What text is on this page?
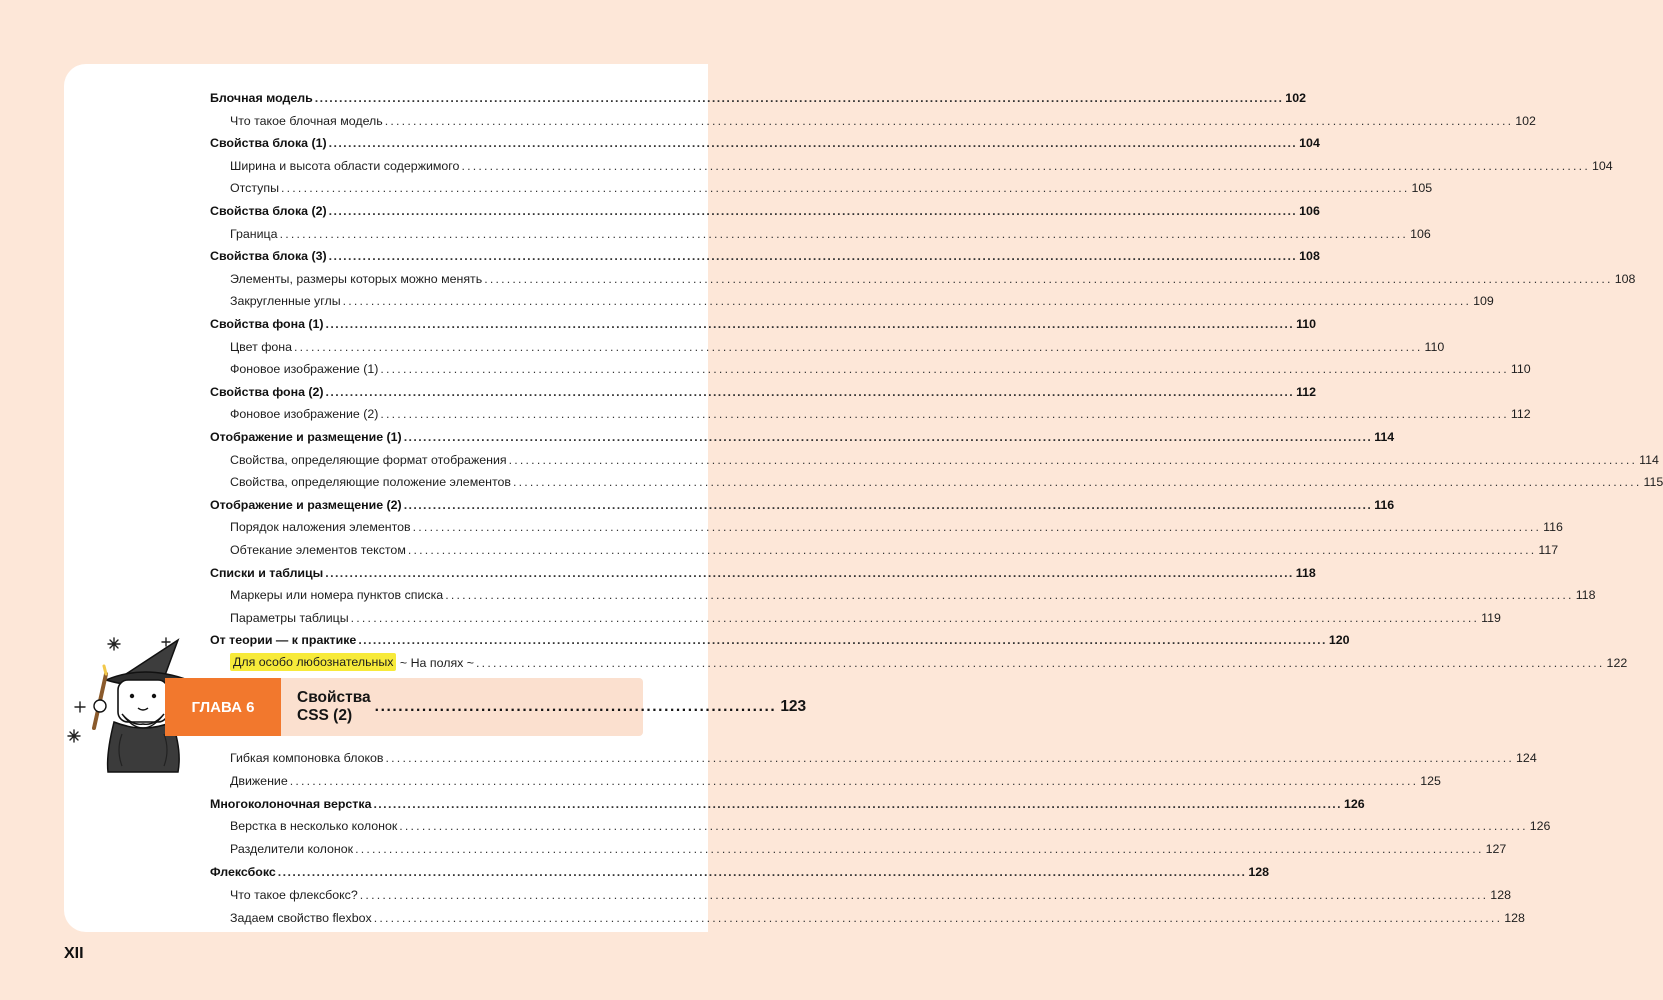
Блочная модель ........................................................................................................................................................................................................ 102
Что такое блочная модель ........................................................................................................................................................................................................ 102
Свойства блока (1) ........................................................................................................................................................................................................ 104
Ширина и высота области содержимого ........................................................................................................................................................................................................ 104
Отступы ........................................................................................................................................................................................................ 105
Свойства блока (2) ........................................................................................................................................................................................................ 106
Граница ........................................................................................................................................................................................................ 106
Свойства блока (3) ........................................................................................................................................................................................................ 108
Элементы, размеры которых можно менять ........................................................................................................................................................................................................ 108
Закругленные углы ........................................................................................................................................................................................................ 109
Свойства фона (1) ........................................................................................................................................................................................................ 110
Цвет фона ........................................................................................................................................................................................................ 110
Фоновое изображение (1) ........................................................................................................................................................................................................ 110
Свойства фона (2) ........................................................................................................................................................................................................ 112
Фоновое изображение (2) ........................................................................................................................................................................................................ 112
Отображение и размещение (1) ........................................................................................................................................................................................................ 114
Свойства, определяющие формат отображения ........................................................................................................................................................................................................ 114
Свойства, определяющие положение элементов ........................................................................................................................................................................................................ 115
Отображение и размещение (2) ........................................................................................................................................................................................................ 116
Порядок наложения элементов ........................................................................................................................................................................................................ 116
Обтекание элементов текстом ........................................................................................................................................................................................................ 117
Списки и таблицы ........................................................................................................................................................................................................ 118
Маркеры или номера пунктов списка ........................................................................................................................................................................................................ 118
Параметры таблицы ........................................................................................................................................................................................................ 119
От теории — к практике ........................................................................................................................................................................................................ 120
Для особо любознательных ~ На полях ~ ........................................................................................................................................................................................................ 122
Гибкая компоновка блоков ........................................................................................................................................................................................................ 124
Движение ........................................................................................................................................................................................................ 125
Многоколоночная верстка ........................................................................................................................................................................................................ 126
Верстка в несколько колонок ........................................................................................................................................................................................................ 126
Разделители колонок ........................................................................................................................................................................................................ 127
Флексбокс ........................................................................................................................................................................................................ 128
Что такое флексбокс? ........................................................................................................................................................................................................ 128
Задаем свойство flexbox ........................................................................................................................................................................................................ 128
ГЛАВА 6
Свойства CSS (2)
.................................................................... 123
XII
